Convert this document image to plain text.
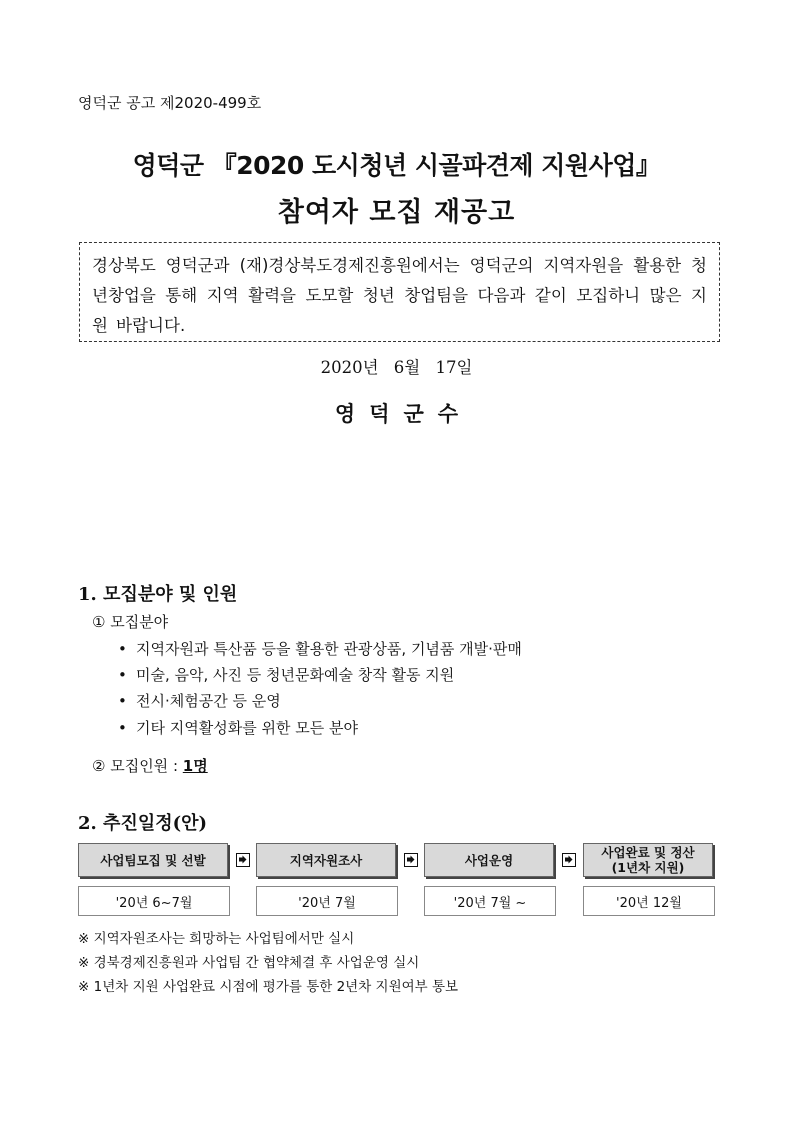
영덕군 공고 제2020-499호
영덕군 『2020 도시청년 시골파견제 지원사업』
참여자 모집 재공고
경상북도 영덕군과 (재)경상북도경제진흥원에서는 영덕군의 지역자원을 활용한 청년창업을 통해 지역 활력을 도모할 청년 창업팀을 다음과 같이 모집하니 많은 지원 바랍니다.
2020년 6월 17일
영덕군수
1. 모집분야 및 인원
① 모집분야
• 지역자원과 특산품 등을 활용한 관광상품, 기념품 개발·판매
• 미술, 음악, 사진 등 청년문화예술 창작 활동 지원
• 전시·체험공간 등 운영
• 기타 지역활성화를 위한 모든 분야
② 모집인원 : 1명
2. 추진일정(안)
사업팀모집 및 선발	지역자원조사	사업운영	사업완료 및 정산
(1년차 지원)
'20년 6~7월	'20년 7월	'20년 7월 ~	'20년 12월
※ 지역자원조사는 희망하는 사업팀에서만 실시
※ 경북경제진흥원과 사업팀 간 협약체결 후 사업운영 실시
※ 1년차 지원 사업완료 시점에 평가를 통한 2년차 지원여부 통보
